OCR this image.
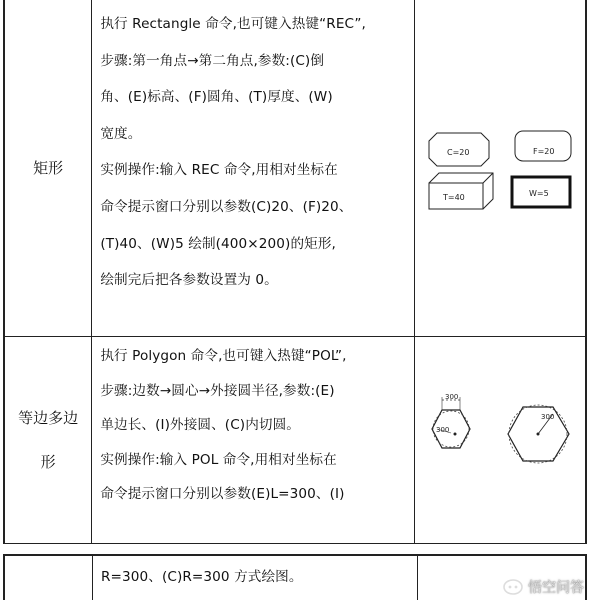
矩形
执行 Rectangle 命令,也可键入热键“REC”,
步骤:第一角点→第二角点,参数:(C)倒
角、(E)标高、(F)圆角、(T)厚度、(W)
宽度。
实例操作:输入 REC 命令,用相对坐标在
命令提示窗口分别以参数(C)20、(F)20、
(T)40、(W)5 绘制(400×200)的矩形,
绘制完后把各参数设置为 0。
C=20	F=20
T=40	W=5
等边多边
形
执行 Polygon 命令,也可键入热键“POL”,
步骤:边数→圆心→外接圆半径,参数:(E)
单边长、(I)外接圆、(C)内切圆。
实例操作:输入 POL 命令,用相对坐标在
命令提示窗口分别以参数(E)L=300、(I)
300
300
300
R=300、(C)R=300 方式绘图。
悟空问答
